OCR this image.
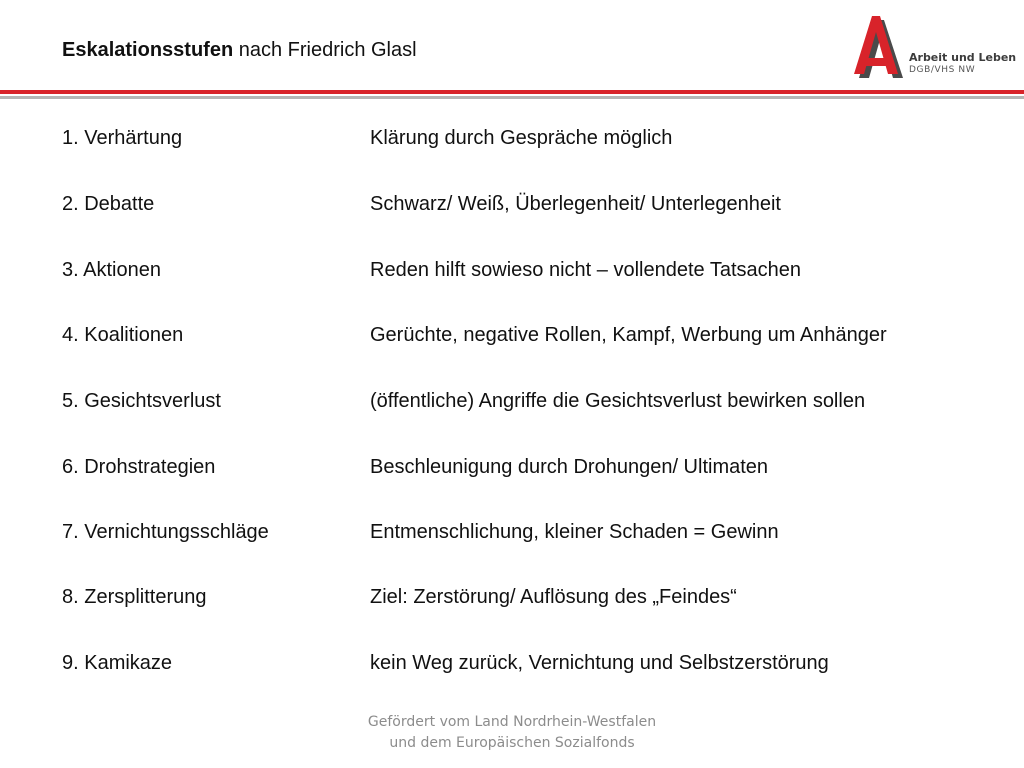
Eskalationsstufen nach Friedrich Glasl	Arbeit und Leben
DGB/VHS NW
1. Verhärtung	Klärung durch Gespräche möglich
2. Debatte	Schwarz/ Weiß, Überlegenheit/ Unterlegenheit
3. Aktionen	Reden hilft sowieso nicht – vollendete Tatsachen
4. Koalitionen	Gerüchte, negative Rollen, Kampf, Werbung um Anhänger
5. Gesichtsverlust	(öffentliche) Angriffe die Gesichtsverlust bewirken sollen
6. Drohstrategien	Beschleunigung durch Drohungen/ Ultimaten
7. Vernichtungsschläge	Entmenschlichung, kleiner Schaden = Gewinn
8. Zersplitterung	Ziel: Zerstörung/ Auflösung des „Feindes“
9. Kamikaze	kein Weg zurück, Vernichtung und Selbstzerstörung
Gefördert vom Land Nordrhein-Westfalen
und dem Europäischen Sozialfonds
